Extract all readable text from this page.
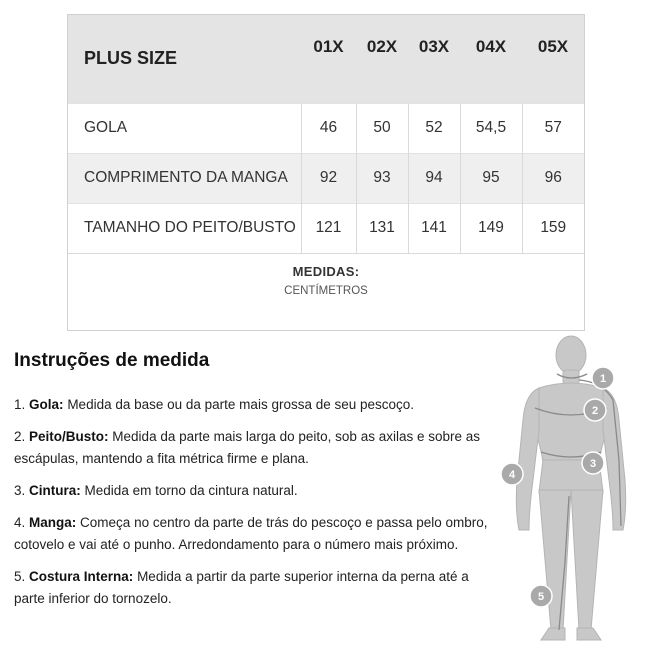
PLUS SIZE	01X	02X	03X	04X	05X
GOLA	46	50	52	54,5	57
COMPRIMENTO DA MANGA	92	93	94	95	96
TAMANHO DO PEITO/BUSTO	121	131	141	149	159
MEDIDAS:
CENTÍMETROS
Instruções de medida
1. Gola: Medida da base ou da parte mais grossa de seu pescoço.
2. Peito/Busto: Medida da parte mais larga do peito, sob as axilas e sobre as escápulas, mantendo a fita métrica firme e plana.
3. Cintura: Medida em torno da cintura natural.
4. Manga: Começa no centro da parte de trás do pescoço e passa pelo ombro, cotovelo e vai até o punho. Arredondamento para o número mais próximo.
5. Costura Interna: Medida a partir da parte superior interna da perna até a parte inferior do tornozelo.
1
2
3
4
5
